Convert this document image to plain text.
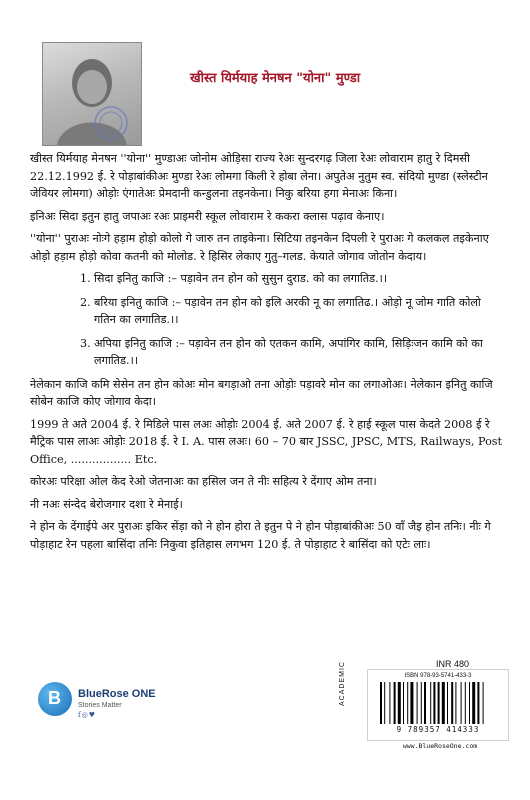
खीस्त यिर्मयाह मेनषन "योना" मुण्डा

खीस्त यिर्मयाह मेनषन ''योना'' मुण्डाअः जोनोम ओड़िसा राज्य रेअः सुन्दरगढ़ जिला रेअः लोवाराम हातु रे दिमसी 22.12.1992 ई. रे पोड़ाबांकीअः मुण्डा रेअः लोमगा किली रे होबा लेना। अपुतेअ नुतुम स्व. संदियो मुण्डा (स्लेस्टीन जेवियर लोमगा) ओड़ोः एंगातेअः प्रेमदानी कन्डुलना तइनकेना। निकु बरिया हगा मेनाअः किना।

इनिअः सिदा इतुन हातु जपाअः रअः प्राइमरी स्कूल लोवाराम रे ककरा क्लास पढ़ाव केनाए।

''योना'' पुराअः नोःगे हड़ाम होड़ो कोलो गे जारु तन ताइकेना। सिटिया तइनकेन दिपली रे पुराअः गे कलकल तइकेनाए ओड़ो हड़ाम होड़ो कोवा कतनी को मोलोड. रे हिसिर लेकाए गुतु–गलड. केयाते जोगाव जोतोन केदाय।

1. सिदा इनितु काजि :– पड़ावेन तन होन को सुसुन दुराड. को का लगातिड.।।
2. बरिया इनितु काजि :– पड़ावेन तन होन को इलि अरकी नू का लगातिढ.। ओड़ो नू जोम गाति कोलो गतिन का लगातिड.।।
3. अपिया इनितु काजि :– पड़ावेन तन होन को एतकन कामि, अपांगिर कामि, सिड़िःजन कामि को का लगातिड.।।

नेलेकान काजि कमि सेसेन तन होन कोअः मोन बगड़ाओ तना ओड़ोः पड़ावरे मोन का लगाओअः। नेलेकान इनितु काजि सोबेन काजि कोए जोगाव केदा।

1999 ते अते 2004 ई. रे मिडिले पास लअः ओड़ोः 2004 ई. अते 2007 ई. रे हाई स्कूल पास केदते 2008 ई रे मैट्रिक पास लाअः ओड़ोः 2018 ई. रे I. A. पास लअः। 60 – 70 बार JSSC, JPSC, MTS, Railways, Post Office, ................. Etc.

कोरअः परिक्षा ओल केद रेओ जेतनाअः का हसिल जन ते नीः सहित्य रे देंगाए ओम तना।

नी नअः संन्देद बेरोजगार दशा रे मेनाई।

ने होन के देंगाईपे अर पुराअः इकिर सेंड़ा को ने होन होरा ते इतुन पे ने होन पोड़ाबांकीअः 50 वाँ जैइ होन तनिः। नीः गे पोड़ाहाट रेन पहला बासिंदा तनिः निकुवा इतिहास लगभग 120 ई. ते पोड़ाहाट रे बासिंदा को एटेः लाः।

B BlueRose ONE
Stories Matter
f◎♥
INR 480
ACADEMIC	ISBN 978-93-5741-433-3
9 789357 414333
www.BlueRoseOne.com
